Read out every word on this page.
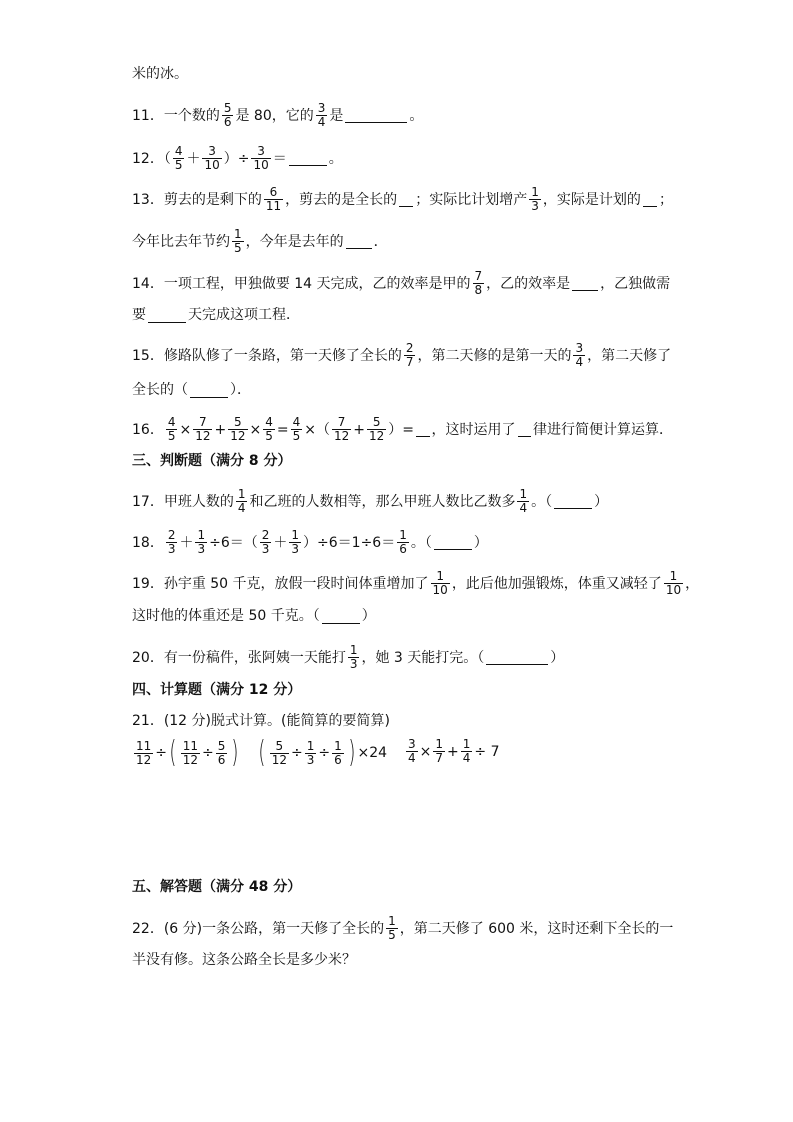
米的冰。
11．一个数的 $\frac{5}{6}$ 是 80，它的 $\frac{3}{4}$ 是	。
12．（ $\frac{4}{5} + \frac{3}{10}$ ）÷ $\frac{3}{10}$ ＝	。
13．剪去的是剩下的 $\frac{6}{11}$ ，剪去的是全长的 ；实际比计划增产 $\frac{1}{3}$ ，实际是计划的 ；
今年比去年节约 $\frac{1}{5}$ ，今年是去年的 ．
14．一项工程，甲独做要 14 天完成，乙的效率是甲的 $\frac{7}{8}$ ，乙的效率是 ，乙独做需
要	天完成这项工程．
15．修路队修了一条路，第一天修了全长的 $\frac{2}{7}$ ，第二天修的是第一天的 $\frac{3}{4}$ ，第二天修了
全长的（	）．
16． $\frac{4}{5} \times \frac{7}{12} + \frac{5}{12} \times \frac{4}{5} = \frac{4}{5}$ ×（ $\frac{7}{12} + \frac{5}{12}$ ）= ，这时运用了 律进行简便计算运算．
三、判断题（满分 8 分）
17．甲班人数的 $\frac{1}{4}$ 和乙班的人数相等，那么甲班人数比乙数多 $\frac{1}{4}$ 。（	）
18． $\frac{2}{3} + \frac{1}{3} \div 6=( \frac{2}{3} + \frac{1}{3} )\div 6=1\div 6= \frac{1}{6}$ 。（	）
19．孙宇重 50 千克，放假一段时间体重增加了 $\frac{1}{10}$ ，此后他加强锻炼，体重又减轻了 $\frac{1}{10}$ ，
这时他的体重还是 50 千克。（	）
20．有一份稿件，张阿姨一天能打 $\frac{1}{3}$ ，她 3 天能打完。（	）
四、计算题（满分 12 分）
21．(12 分)脱式计算。(能简算的要简算)
$\frac{11}{12}$ ÷ ( $\frac{11}{12} \div \frac{5}{6}$ ) ( $\frac{5}{12} \div \frac{1}{3} \div \frac{1}{6}$ ) $\times 24 \frac{3}{4} \times \frac{1}{7} + \frac{1}{4} \div 7$
五、解答题（满分 48 分）
22．(6 分)一条公路，第一天修了全长的 $\frac{1}{5}$ ，第二天修了 600 米，这时还剩下全长的一
半没有修。这条公路全长是多少米？
